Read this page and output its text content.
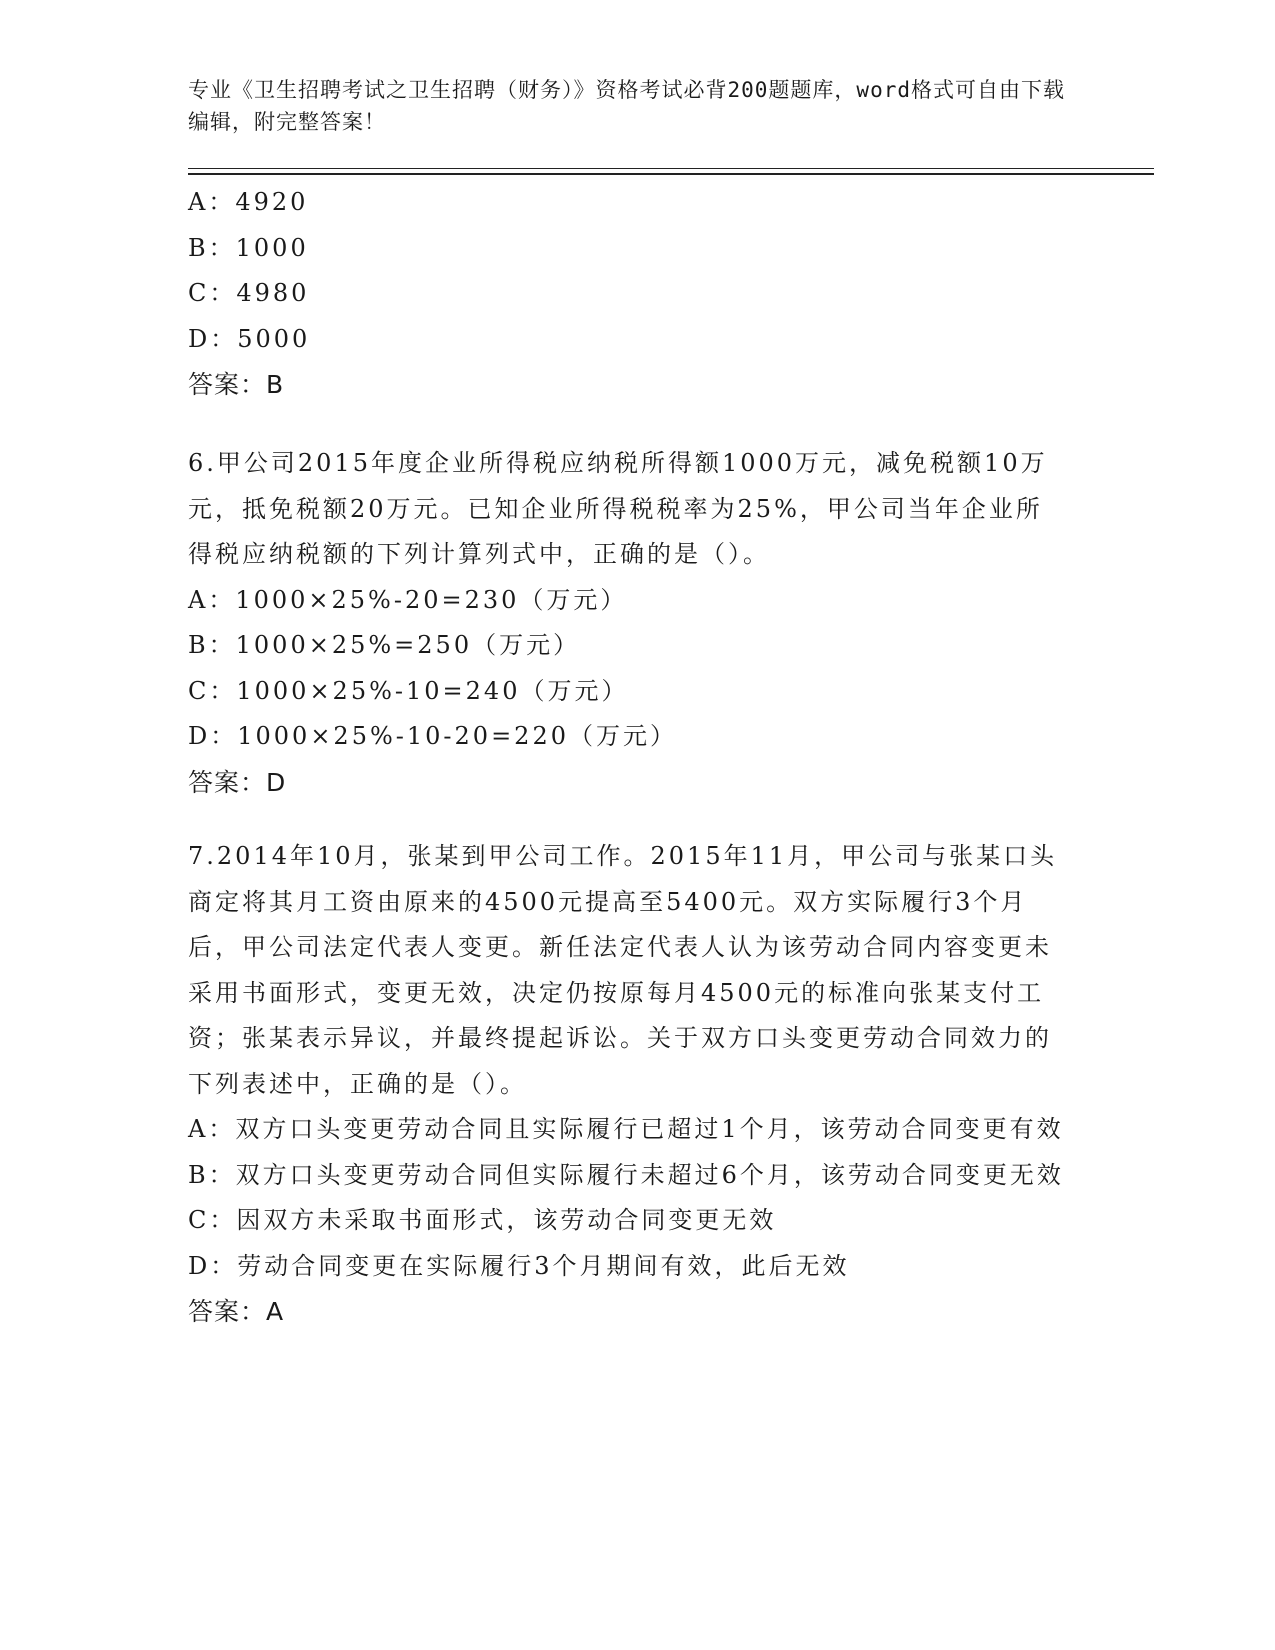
专业《卫生招聘考试之卫生招聘（财务）》资格考试必背200题题库，word格式可自由下载编辑，附完整答案！
A：4920
B：1000
C：4980
D：5000
答案：B
6.甲公司2015年度企业所得税应纳税所得额1000万元，减免税额10万元，抵免税额20万元。已知企业所得税税率为25%，甲公司当年企业所得税应纳税额的下列计算列式中，正确的是（）。
A：1000×25%-20=230（万元）
B：1000×25%=250（万元）
C：1000×25%-10=240（万元）
D：1000×25%-10-20=220（万元）
答案：D
7.2014年10月，张某到甲公司工作。2015年11月，甲公司与张某口头商定将其月工资由原来的4500元提高至5400元。双方实际履行3个月后，甲公司法定代表人变更。新任法定代表人认为该劳动合同内容变更未采用书面形式，变更无效，决定仍按原每月4500元的标准向张某支付工资；张某表示异议，并最终提起诉讼。关于双方口头变更劳动合同效力的下列表述中，正确的是（）。
A：双方口头变更劳动合同且实际履行已超过1个月，该劳动合同变更有效
B：双方口头变更劳动合同但实际履行未超过6个月，该劳动合同变更无效
C：因双方未采取书面形式，该劳动合同变更无效
D：劳动合同变更在实际履行3个月期间有效，此后无效
答案：A
